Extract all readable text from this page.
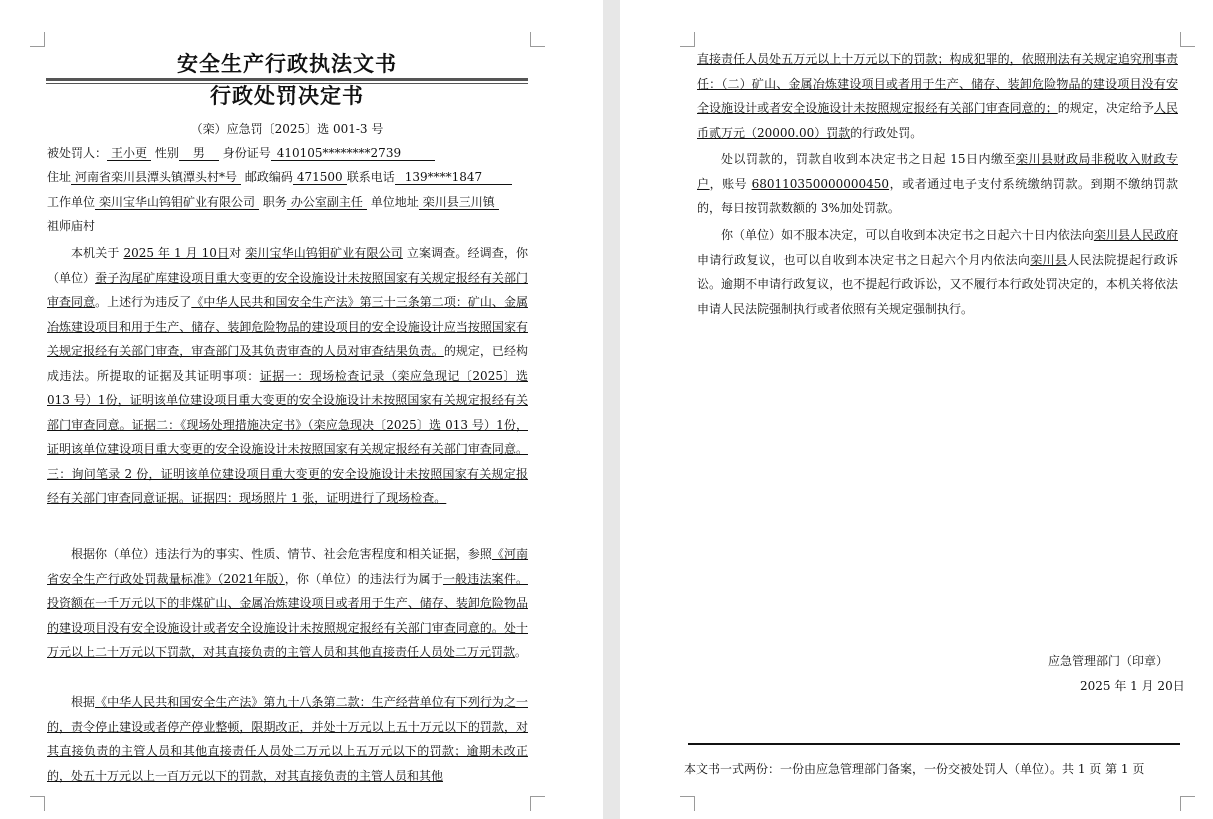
安全生产行政执法文书
行政处罚决定书
（栾）应急罚〔2025〕选 001-3 号
被处罚人： 王小更 性别 男 身份证号 410105********2739
住址 河南省栾川县潭头镇潭头村*号 邮政编码 471500 联系电话 139****1847
工作单位 栾川宝华山钨钼矿业有限公司 职务 办公室副主任 单位地址 栾川县三川镇
祖师庙村

本机关于 2025 年 1 月 10日对 栾川宝华山钨钼矿业有限公司 立案调查。经调查，你（单位）蚕子沟尾矿库建设项目重大变更的安全设施设计未按照国家有关规定报经有关部门审查同意。上述行为违反了《中华人民共和国安全生产法》第三十三条第二项：矿山、金属冶炼建设项目和用于生产、储存、装卸危险物品的建设项目的安全设施设计应当按照国家有关规定报经有关部门审查，审查部门及其负责审查的人员对审查结果负责。的规定，已经构成违法。所提取的证据及其证明事项：证据一：现场检查记录（栾应急现记〔2025〕选 013 号）1份，证明该单位建设项目重大变更的安全设施设计未按照国家有关规定报经有关部门审查同意。证据二：《现场处理措施决定书》（栾应急现决〔2025〕选 013 号）1份，证明该单位建设项目重大变更的安全设施设计未按照国家有关规定报经有关部门审查同意。三：询问笔录 2 份，证明该单位建设项目重大变更的安全设施设计未按照国家有关规定报经有关部门审查同意证据。证据四：现场照片 1 张，证明进行了现场检查。

根据你（单位）违法行为的事实、性质、情节、社会危害程度和相关证据，参照《河南省安全生产行政处罚裁量标准》（2021年版），你（单位）的违法行为属于一般违法案件。投资额在一千万元以下的非煤矿山、金属冶炼建设项目或者用于生产、储存、装卸危险物品的建设项目没有安全设施设计或者安全设施设计未按照规定报经有关部门审查同意的。处十万元以上二十万元以下罚款，对其直接负责的主管人员和其他直接责任人员处二万元罚款。

根据《中华人民共和国安全生产法》第九十八条第二款：生产经营单位有下列行为之一的，责令停止建设或者停产停业整顿，限期改正，并处十万元以上五十万元以下的罚款，对其直接负责的主管人员和其他直接责任人员处二万元以上五万元以下的罚款；逾期未改正的，处五十万元以上一百万元以下的罚款，对其直接负责的主管人员和其他

直接责任人员处五万元以上十万元以下的罚款；构成犯罪的，依照刑法有关规定追究刑事责任：（二）矿山、金属冶炼建设项目或者用于生产、储存、装卸危险物品的建设项目没有安全设施设计或者安全设施设计未按照规定报经有关部门审查同意的；的规定，决定给予人民币贰万元（20000.00）罚款的行政处罚。

处以罚款的，罚款自收到本决定书之日起 15日内缴至栾川县财政局非税收入财政专户，账号 680110350000000450，或者通过电子支付系统缴纳罚款。到期不缴纳罚款的，每日按罚款数额的 3%加处罚款。

你（单位）如不服本决定，可以自收到本决定书之日起六十日内依法向栾川县人民政府申请行政复议，也可以自收到本决定书之日起六个月内依法向栾川县人民法院提起行政诉讼。逾期不申请行政复议，也不提起行政诉讼，又不履行本行政处罚决定的，本机关将依法申请人民法院强制执行或者依照有关规定强制执行。

应急管理部门（印章）
2025 年 1 月 20日
本文书一式两份：一份由应急管理部门备案，一份交被处罚人（单位）。共 1 页 第 1 页
